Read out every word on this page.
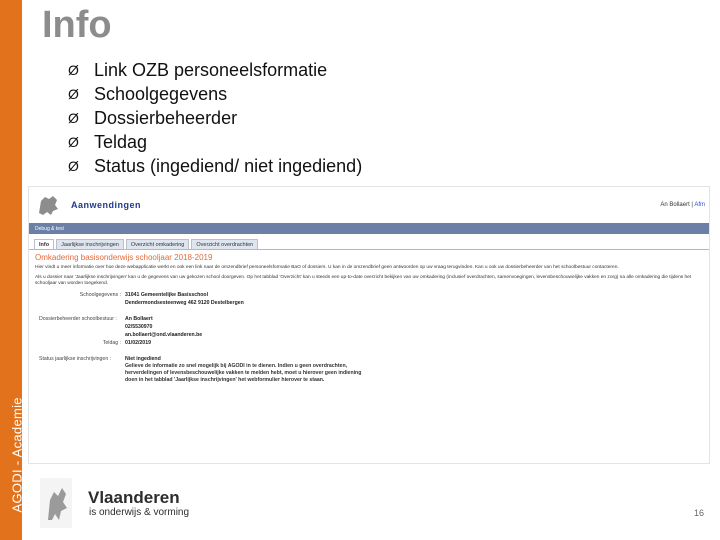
AGODI - Academie
Info
Ø Link OZB personeelsformatie
Ø Schoolgegevens
Ø Dossierbeheerder
Ø Teldag
Ø Status (ingediend/ niet ingediend)
Aanwendingen	An Bollaert | Afm
Debug & test
Info	Jaarlijkse inschrijvingen	Overzicht omkadering	Overzicht overdrachten
Omkadering basisonderwijs schooljaar 2018-2019
Hier vindt u meer informatie over hoe deze webapplicatie werkt en ook een link naar de omzendbrief personeelsformatie BaO of dossiers. U kan in de omzendbrief geen antwoorden op uw vraag terugvinden. Kan u ook uw dossierbeheerder van het schoolbestuur contacteren.
Als u dossier naar 'Jaarlijkse inschrijvingen' kan u de gegevens van uw gekozen school doorgeven. Op het tabblad 'Overzicht' kan u steeds een up-to-date overzicht bekijken van uw omkadering (inclusief overdrachten, samenvoegingen, levensbeschouwelijke vakken en zorg) na alle omkadering die tijdens het schooljaar van worden toegekend.
Schoolgegevens : 31041 Gemeentelijke Basisschool
Dendermondsesteenweg 462 9120 Destelbergen
Dossierbeheerder schoolbestuur :	An Bollaert
02/5530970
an.bollaert@ond.vlaanderen.be
Teldag : 01/02/2019
Status jaarlijkse inschrijvingen :	Niet ingediend
Gelieve de informatie zo snel mogelijk bij AGODI in te dienen. Indien u geen overdrachten, herverdelingen of levensbeschouwelijke vakken te melden hebt, moet u hierover geen indiening doen in het tabblad 'Jaarlijkse inschrijvingen' het webformulier hierover te staan.
Vlaanderen
is onderwijs & vorming	16
